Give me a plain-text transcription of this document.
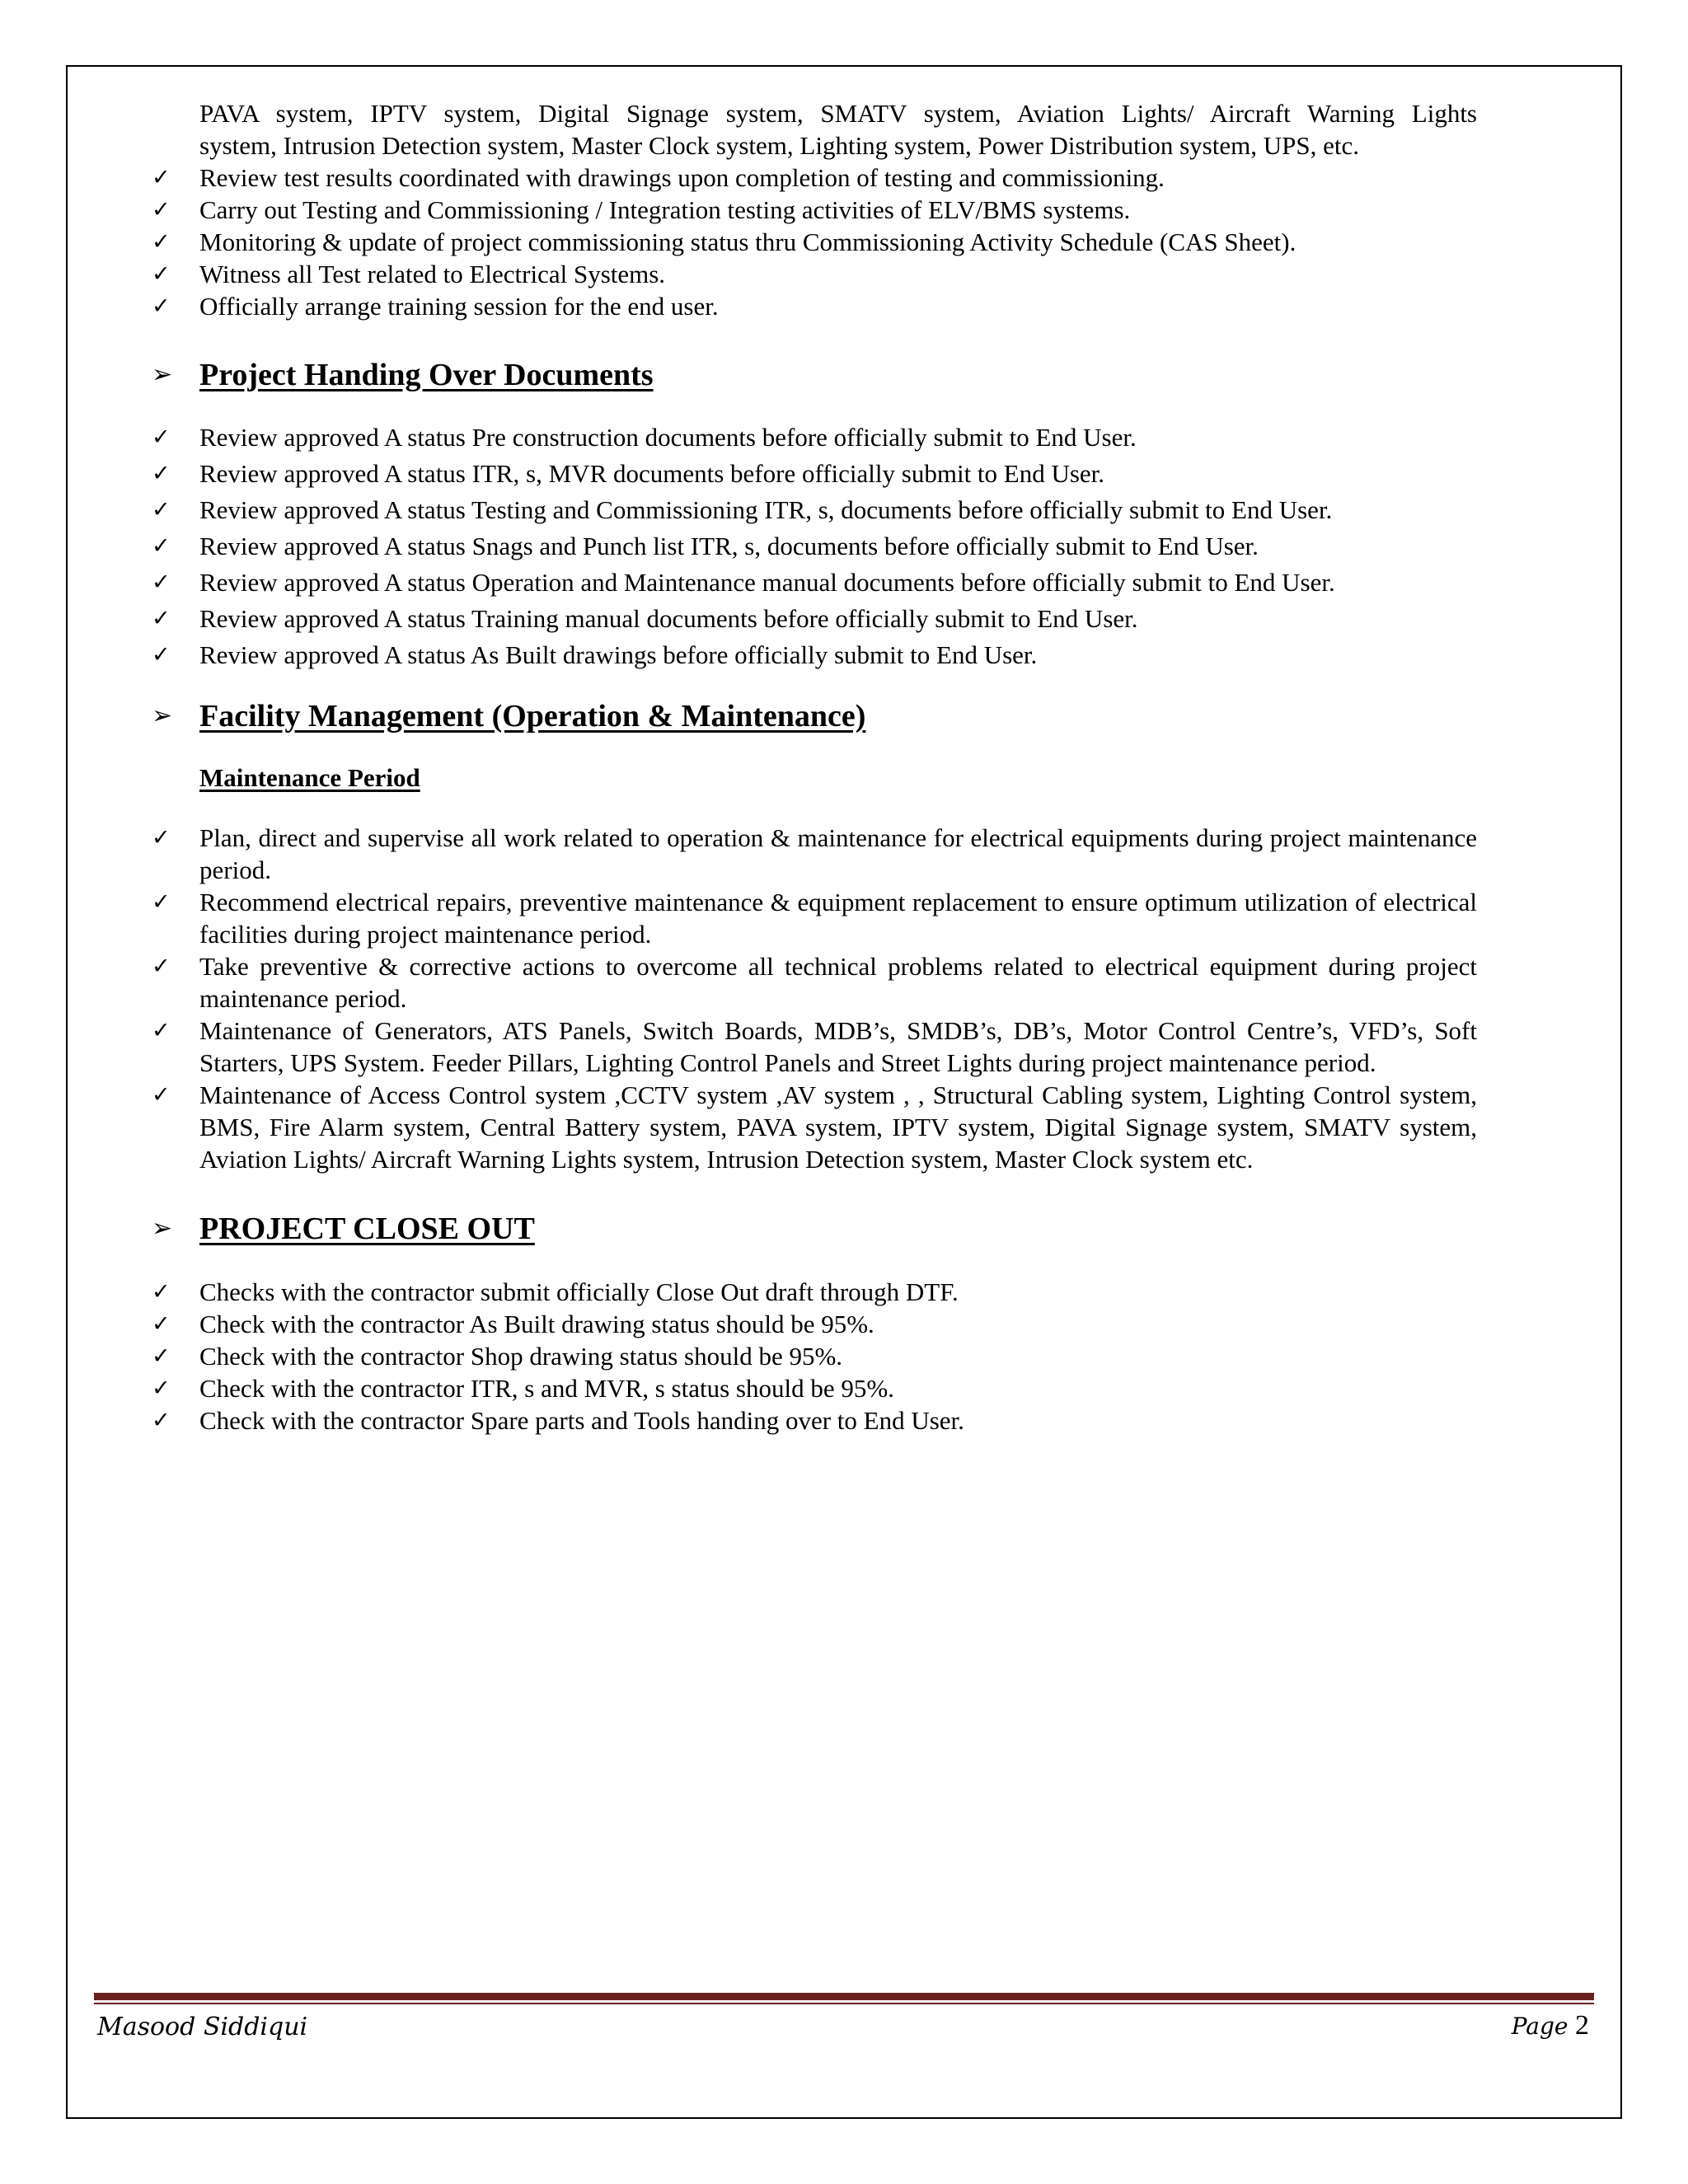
PAVA system, IPTV system, Digital Signage system, SMATV system, Aviation Lights/ Aircraft Warning Lights
system, Intrusion Detection system, Master Clock system, Lighting system, Power Distribution system, UPS, etc.
✓ Review test results coordinated with drawings upon completion of testing and commissioning.
✓ Carry out Testing and Commissioning / Integration testing activities of ELV/BMS systems.
✓ Monitoring & update of project commissioning status thru Commissioning Activity Schedule (CAS Sheet).
✓ Witness all Test related to Electrical Systems.
✓ Officially arrange training session for the end user.
➢ Project Handing Over Documents
✓ Review approved A status Pre construction documents before officially submit to End User.
✓ Review approved A status ITR, s, MVR documents before officially submit to End User.
✓ Review approved A status Testing and Commissioning ITR, s, documents before officially submit to End User.
✓ Review approved A status Snags and Punch list ITR, s, documents before officially submit to End User.
✓ Review approved A status Operation and Maintenance manual documents before officially submit to End User.
✓ Review approved A status Training manual documents before officially submit to End User.
✓ Review approved A status As Built drawings before officially submit to End User.
➢ Facility Management (Operation & Maintenance)
Maintenance Period
✓ Plan, direct and supervise all work related to operation & maintenance for electrical equipments during project maintenance period.
✓ Recommend electrical repairs, preventive maintenance & equipment replacement to ensure optimum utilization of electrical facilities during project maintenance period.
✓ Take preventive & corrective actions to overcome all technical problems related to electrical equipment during project maintenance period.
✓ Maintenance of Generators, ATS Panels, Switch Boards, MDB’s, SMDB’s, DB’s, Motor Control Centre’s, VFD’s, Soft Starters, UPS System. Feeder Pillars, Lighting Control Panels and Street Lights during project maintenance period.
✓ Maintenance of Access Control system ,CCTV system ,AV system , , Structural Cabling system, Lighting Control system, BMS, Fire Alarm system, Central Battery system, PAVA system, IPTV system, Digital Signage system, SMATV system, Aviation Lights/ Aircraft Warning Lights system, Intrusion Detection system, Master Clock system etc.
➢ PROJECT CLOSE OUT
✓ Checks with the contractor submit officially Close Out draft through DTF.
✓ Check with the contractor As Built drawing status should be 95%.
✓ Check with the contractor Shop drawing status should be 95%.
✓ Check with the contractor ITR, s and MVR, s status should be 95%.
✓ Check with the contractor Spare parts and Tools handing over to End User.
Masood Siddiqui	Page 2
